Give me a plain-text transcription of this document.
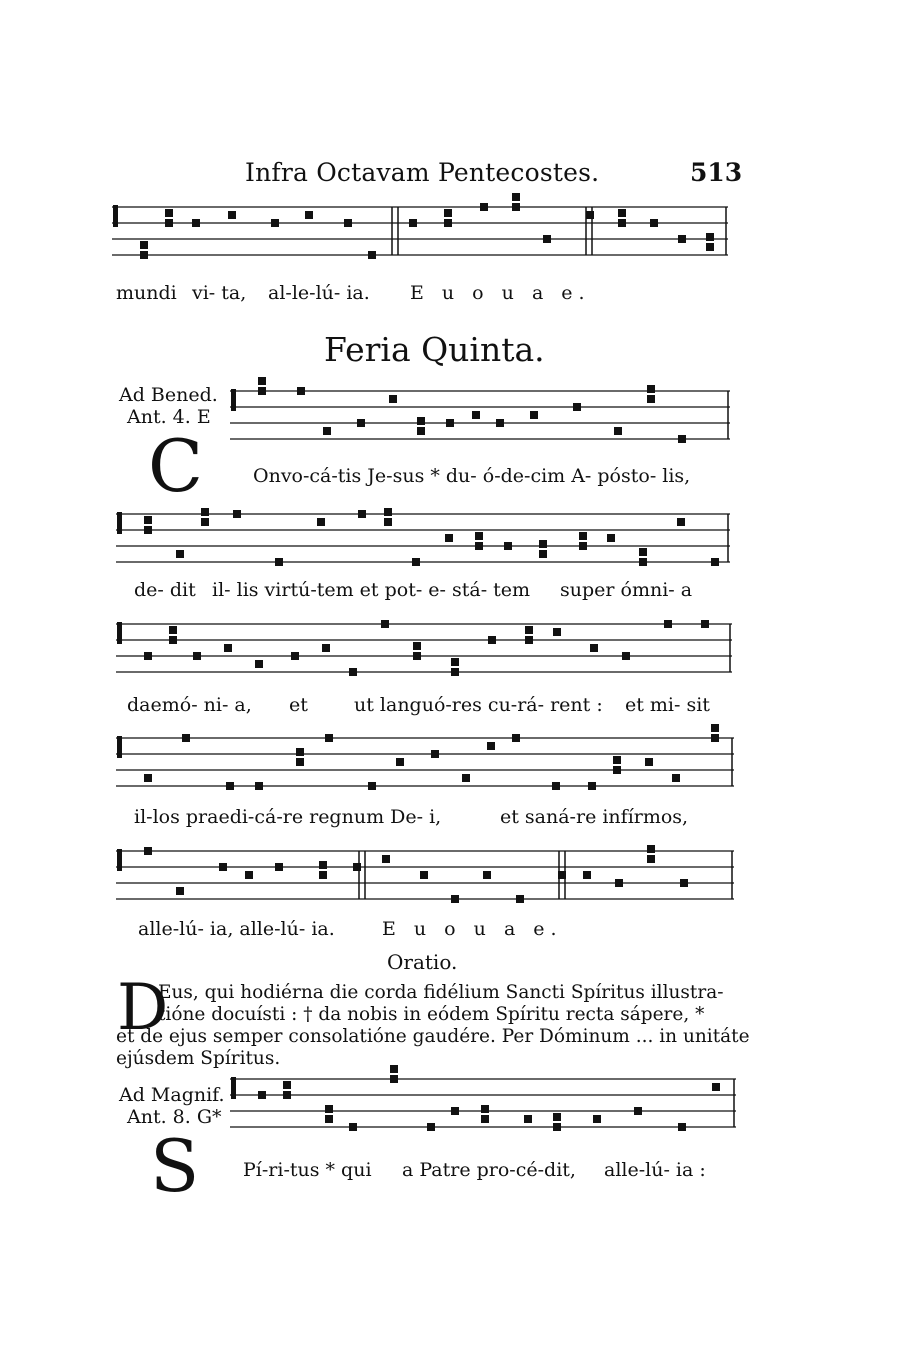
Infra Octavam Pentecostes.	513
mundi vi- ta, al-le-lú- ia. E u o u a e.
Feria Quinta.
Ad Bened.
Ant. 4. E
C	Onvo-cá-tis Je-sus * du- ó-de-cim A- pósto- lis,
de- dit il- lis virtú-tem et pot- e- stá- tem super ómni- a
daemó- ni- a, et ut languó-res cu-rá- rent : et mi- sit
il-los praedi-cá-re regnum De- i,	et saná-re infírmos,
alle-lú- ia, alle-lú- ia. E u o u a e.
Oratio.
D
Eus, qui hodiérna die corda fidélium Sancti Spíritus illustra-
tióne docuísti : † da nobis in eódem Spíritu recta sápere, *
et de ejus semper consolatióne gaudére. Per Dóminum ... in unitáte
ejúsdem Spíritus.
Ad Magnif.
Ant. 8. G*
S Pí-ri-tus * qui a Patre pro-cé-dit, alle-lú- ia :
